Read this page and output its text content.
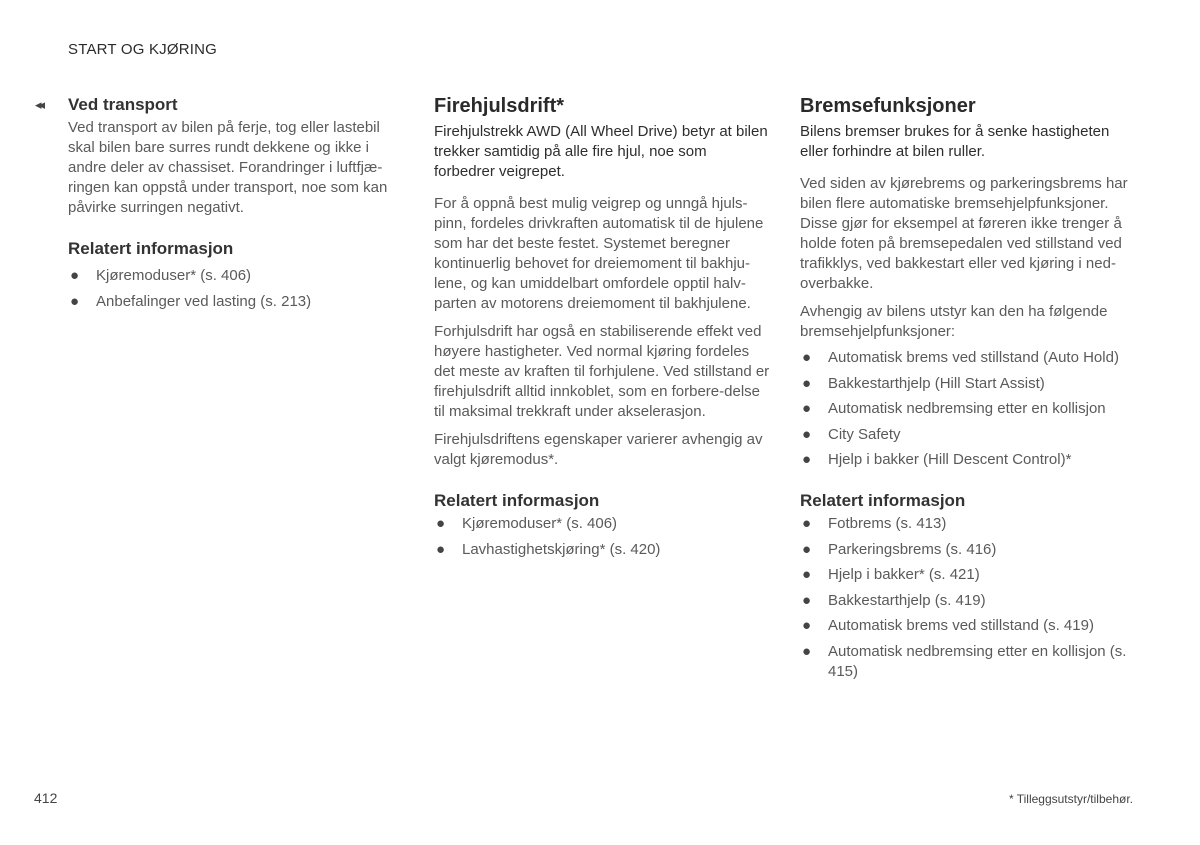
START OG KJØRING
◂◂ Ved transport

Ved transport av bilen på ferje, tog eller lastebil skal bilen bare surres rundt dekkene og ikke i andre deler av chassiset. Forandringer i luftfjæ-ringen kan oppstå under transport, noe som kan påvirke surringen negativt.

Relatert informasjon
● Kjøremoduser* (s. 406)
● Anbefalinger ved lasting (s. 213)
Firehjulsdrift*

Firehjulstrekk AWD (All Wheel Drive) betyr at bilen trekker samtidig på alle fire hjul, noe som forbedrer veigrepet.

For å oppnå best mulig veigrep og unngå hjuls-pinn, fordeles drivkraften automatisk til de hjulene som har det beste festet. Systemet beregner kontinuerlig behovet for dreiemoment til bakhju-lene, og kan umiddelbart omfordele opptil halv-parten av motorens dreiemoment til bakhjulene.

Forhjulsdrift har også en stabiliserende effekt ved høyere hastigheter. Ved normal kjøring fordeles det meste av kraften til forhjulene. Ved stillstand er firehjulsdrift alltid innkoblet, som en forbere-delse til maksimal trekkraft under akselerasjon.

Firehjulsdriftens egenskaper varierer avhengig av valgt kjøremodus*.

Relatert informasjon
● Kjøremoduser* (s. 406)
● Lavhastighetskjøring* (s. 420)
Bremsefunksjoner

Bilens bremser brukes for å senke hastigheten eller forhindre at bilen ruller.

Ved siden av kjørebrems og parkeringsbrems har bilen flere automatiske bremsehjelpfunksjoner. Disse gjør for eksempel at føreren ikke trenger å holde foten på bremsepedalen ved stillstand ved trafikklys, ved bakkestart eller ved kjøring i ned-overbakke.

Avhengig av bilens utstyr kan den ha følgende bremsehjelpfunksjoner:

● Automatisk brems ved stillstand (Auto Hold)
● Bakkestarthjelp (Hill Start Assist)
● Automatisk nedbremsing etter en kollisjon
● City Safety
● Hjelp i bakker (Hill Descent Control)*
Relatert informasjon
● Fotbrems (s. 413)
● Parkeringsbrems (s. 416)
● Hjelp i bakker* (s. 421)
● Bakkestarthjelp (s. 419)
● Automatisk brems ved stillstand (s. 419)
● Automatisk nedbremsing etter en kollisjon (s. 415)
412	* Tilleggsutstyr/tilbehør.
